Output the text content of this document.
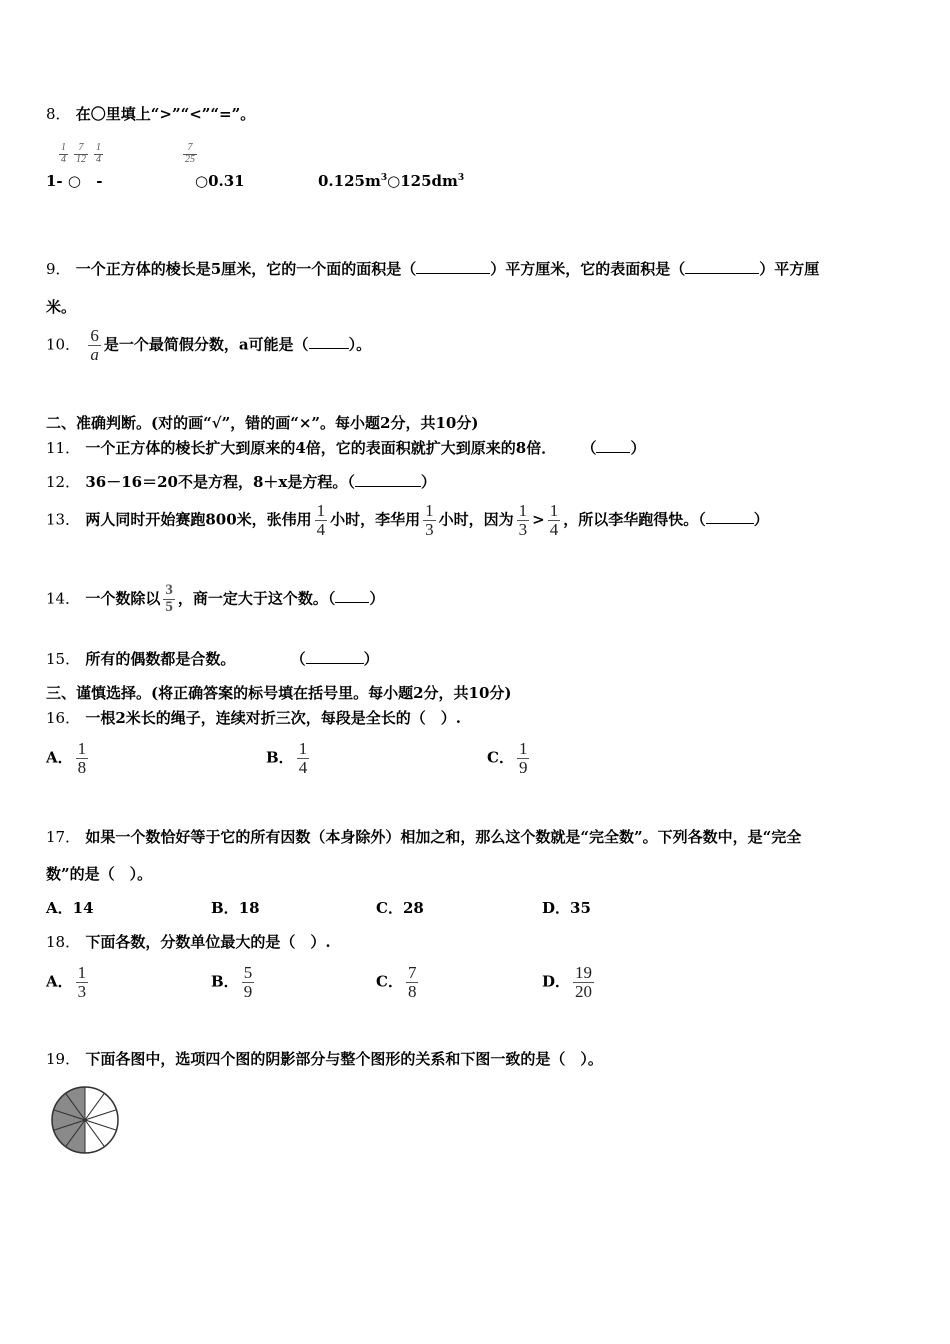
8． 在〇里填上“>”“<”“=”。
$\frac{1}{4} \frac{7}{12} \frac{1}{4}$
1- ○ -
$\frac{7}{25}$
○0.31	$0.125m^3○125dm^3$
9． 一个正方体的棱长是5厘米，它的一个面的面积是（	）平方厘米，它的表面积是（	）平方厘
米。
10． $\frac{6}{a}$ 是一个最简假分数，a可能是（	）。
二、准确判断。(对的画“√”，错的画“×”。每小题2分，共10分)
11． 一个正方体的棱长扩大到原来的4倍，它的表面积就扩大到原来的8倍． （ ）
12． 36－16＝20不是方程，8＋x是方程。（	）
13． 两人同时开始赛跑800米，张伟用 $\frac{1}{4}$ 小时，李华用 $\frac{1}{3}$ 小时，因为 $\frac{1}{3} > \frac{1}{4}$ ，所以李华跑得快。（	）
14． 一个数除以 $\frac{3}{5}$ ，商一定大于这个数。（ ）
15． 所有的偶数都是合数。	（	）
三、谨慎选择。(将正确答案的标号填在括号里。每小题2分，共10分)
16． 一根2米长的绳子，连续对折三次，每段是全长的（　）.
A． $\frac{1}{8}$	B． $\frac{1}{4}$	C． $\frac{1}{9}$
17． 如果一个数恰好等于它的所有因数（本身除外）相加之和，那么这个数就是“完全数”。下列各数中，是“完全
数”的是（　）。
A．14	B．18	C．28	D．35
18． 下面各数，分数单位最大的是（　）.
A． $\frac{1}{3}$	B． $\frac{5}{9}$	C． $\frac{7}{8}$	D． $\frac{19}{20}$
19． 下面各图中，选项四个图的阴影部分与整个图形的关系和下图一致的是（　）。
